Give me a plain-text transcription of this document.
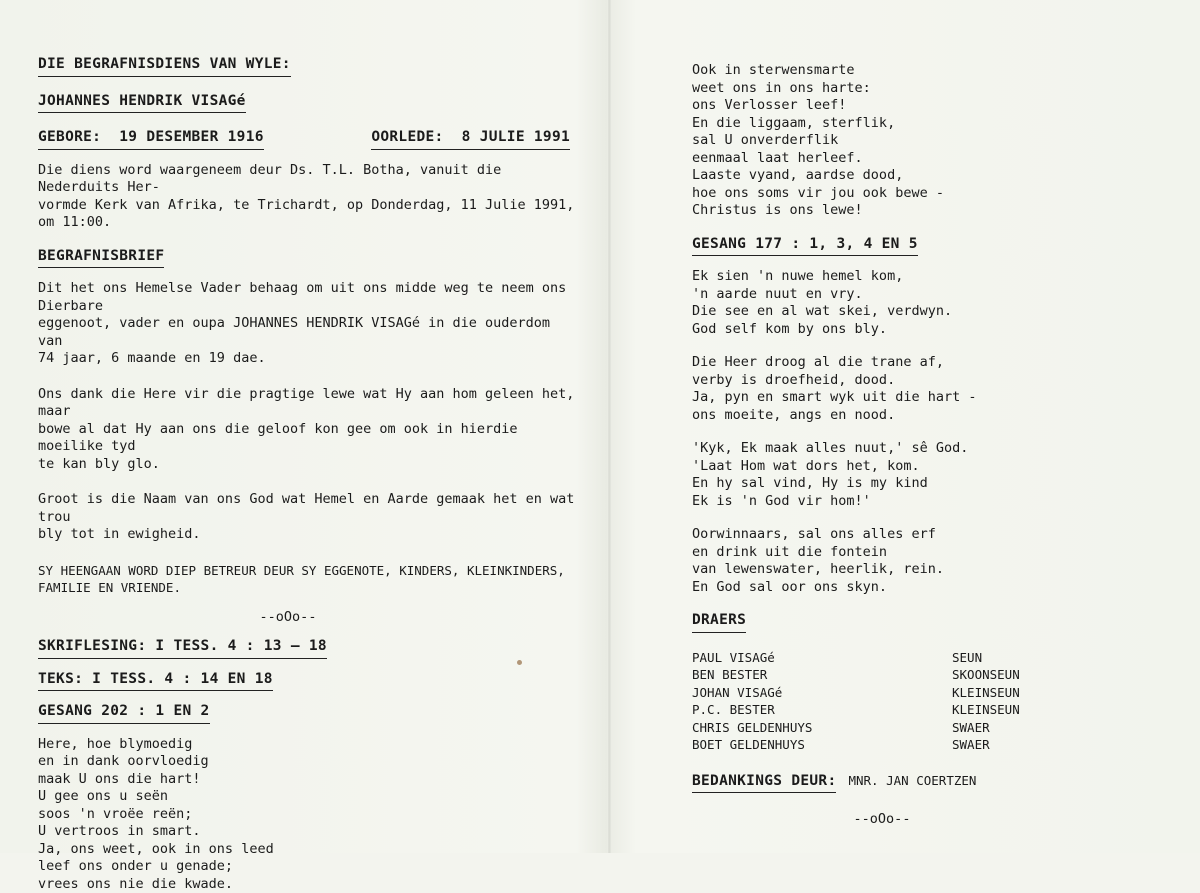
DIE BEGRAFNISDIENS VAN WYLE:
JOHANNES HENDRIK VISAGé
GEBORE: 19 DESEMBER 1916	OORLEDE: 8 JULIE 1991

Die diens word waargeneem deur Ds. T.L. Botha, vanuit die Nederduits Her-
vormde Kerk van Afrika, te Trichardt, op Donderdag, 11 Julie 1991, om 11:00.

BEGRAFNISBRIEF

Dit het ons Hemelse Vader behaag om uit ons midde weg te neem ons Dierbare
eggenoot, vader en oupa JOHANNES HENDRIK VISAGé in die ouderdom van
74 jaar, 6 maande en 19 dae.

Ons dank die Here vir die pragtige lewe wat Hy aan hom geleen het, maar
bowe al dat Hy aan ons die geloof kon gee om ook in hierdie moeilike tyd
te kan bly glo.

Groot is die Naam van ons God wat Hemel en Aarde gemaak het en wat trou
bly tot in ewigheid.

SY HEENGAAN WORD DIEP BETREUR DEUR SY EGGENOTE, KINDERS, KLEINKINDERS,
FAMILIE EN VRIENDE.

--oOo--

SKRIFLESING: I TESS. 4 : 13 — 18
TEKS: I TESS. 4 : 14 EN 18
GESANG 202 : 1 EN 2
Here, hoe blymoedig
en in dank oorvloedig
maak U ons die hart!
U gee ons u seën
soos 'n vroëe reën;
U vertroos in smart.
Ja, ons weet, ook in ons leed
leef ons onder u genade;
vrees ons nie die kwade.
Ook in sterwensmarte
weet ons in ons harte:
ons Verlosser leef!
En die liggaam, sterflik,
sal U onverderflik
eenmaal laat herleef.
Laaste vyand, aardse dood,
hoe ons soms vir jou ook bewe -
Christus is ons lewe!
GESANG 177 : 1, 3, 4 EN 5
Ek sien 'n nuwe hemel kom,
'n aarde nuut en vry.
Die see en al wat skei, verdwyn.
God self kom by ons bly.
Die Heer droog al die trane af,
verby is droefheid, dood.
Ja, pyn en smart wyk uit die hart -
ons moeite, angs en nood.
'Kyk, Ek maak alles nuut,' sê God.
'Laat Hom wat dors het, kom.
En hy sal vind, Hy is my kind
Ek is 'n God vir hom!'
Oorwinnaars, sal ons alles erf
en drink uit die fontein
van lewenswater, heerlik, rein.
En God sal oor ons skyn.
DRAERS
PAUL VISAGé	SEUN
BEN BESTER	SKOONSEUN
JOHAN VISAGé	KLEINSEUN
P.C. BESTER	KLEINSEUN
CHRIS GELDENHUYS	SWAER
BOET GELDENHUYS	SWAER
BEDANKINGS DEUR: MNR. JAN COERTZEN

--oOo--
